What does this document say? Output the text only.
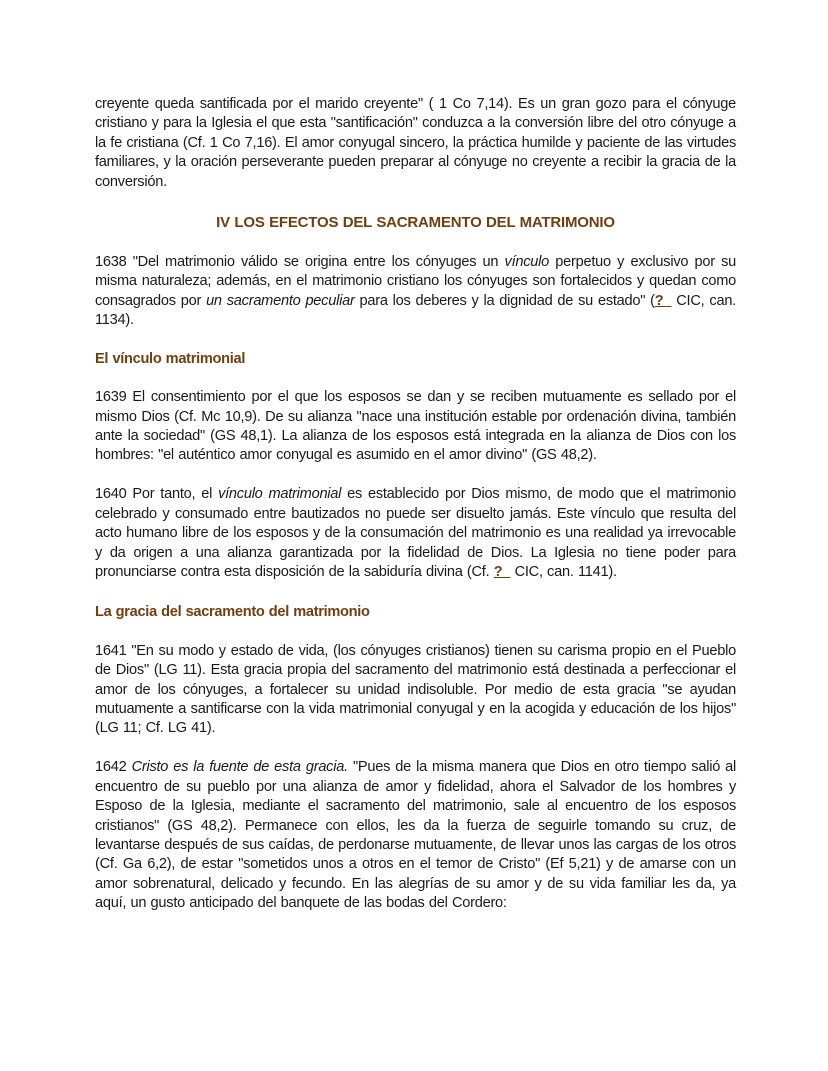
creyente queda santificada por el marido creyente" ( 1 Co 7,14). Es un gran gozo para el cónyuge cristiano y para la Iglesia el que esta "santificación" conduzca a la conversión libre del otro cónyuge a la fe cristiana (Cf. 1 Co 7,16). El amor conyugal sincero, la práctica humilde y paciente de las virtudes familiares, y la oración perseverante pueden preparar al cónyuge no creyente a recibir la gracia de la conversión.

IV LOS EFECTOS DEL SACRAMENTO DEL MATRIMONIO

1638 "Del matrimonio válido se origina entre los cónyuges un vínculo perpetuo y exclusivo por su misma naturaleza; además, en el matrimonio cristiano los cónyuges son fortalecidos y quedan como consagrados por un sacramento peculiar para los deberes y la dignidad de su estado" (?_ CIC, can. 1134).

El vínculo matrimonial

1639 El consentimiento por el que los esposos se dan y se reciben mutuamente es sellado por el mismo Dios (Cf. Mc 10,9). De su alianza "nace una institución estable por ordenación divina, también ante la sociedad" (GS 48,1). La alianza de los esposos está integrada en la alianza de Dios con los hombres: "el auténtico amor conyugal es asumido en el amor divino" (GS 48,2).

1640 Por tanto, el vínculo matrimonial es establecido por Dios mismo, de modo que el matrimonio celebrado y consumado entre bautizados no puede ser disuelto jamás. Este vínculo que resulta del acto humano libre de los esposos y de la consumación del matrimonio es una realidad ya irrevocable y da origen a una alianza garantizada por la fidelidad de Dios. La Iglesia no tiene poder para pronunciarse contra esta disposición de la sabiduría divina (Cf. ?_ CIC, can. 1141).

La gracia del sacramento del matrimonio

1641 "En su modo y estado de vida, (los cónyuges cristianos) tienen su carisma propio en el Pueblo de Dios" (LG 11). Esta gracia propia del sacramento del matrimonio está destinada a perfeccionar el amor de los cónyuges, a fortalecer su unidad indisoluble. Por medio de esta gracia "se ayudan mutuamente a santificarse con la vida matrimonial conyugal y en la acogida y educación de los hijos" (LG 11; Cf. LG 41).

1642 Cristo es la fuente de esta gracia. "Pues de la misma manera que Dios en otro tiempo salió al encuentro de su pueblo por una alianza de amor y fidelidad, ahora el Salvador de los hombres y Esposo de la Iglesia, mediante el sacramento del matrimonio, sale al encuentro de los esposos cristianos" (GS 48,2). Permanece con ellos, les da la fuerza de seguirle tomando su cruz, de levantarse después de sus caídas, de perdonarse mutuamente, de llevar unos las cargas de los otros (Cf. Ga 6,2), de estar "sometidos unos a otros en el temor de Cristo" (Ef 5,21) y de amarse con un amor sobrenatural, delicado y fecundo. En las alegrías de su amor y de su vida familiar les da, ya aquí, un gusto anticipado del banquete de las bodas del Cordero:
